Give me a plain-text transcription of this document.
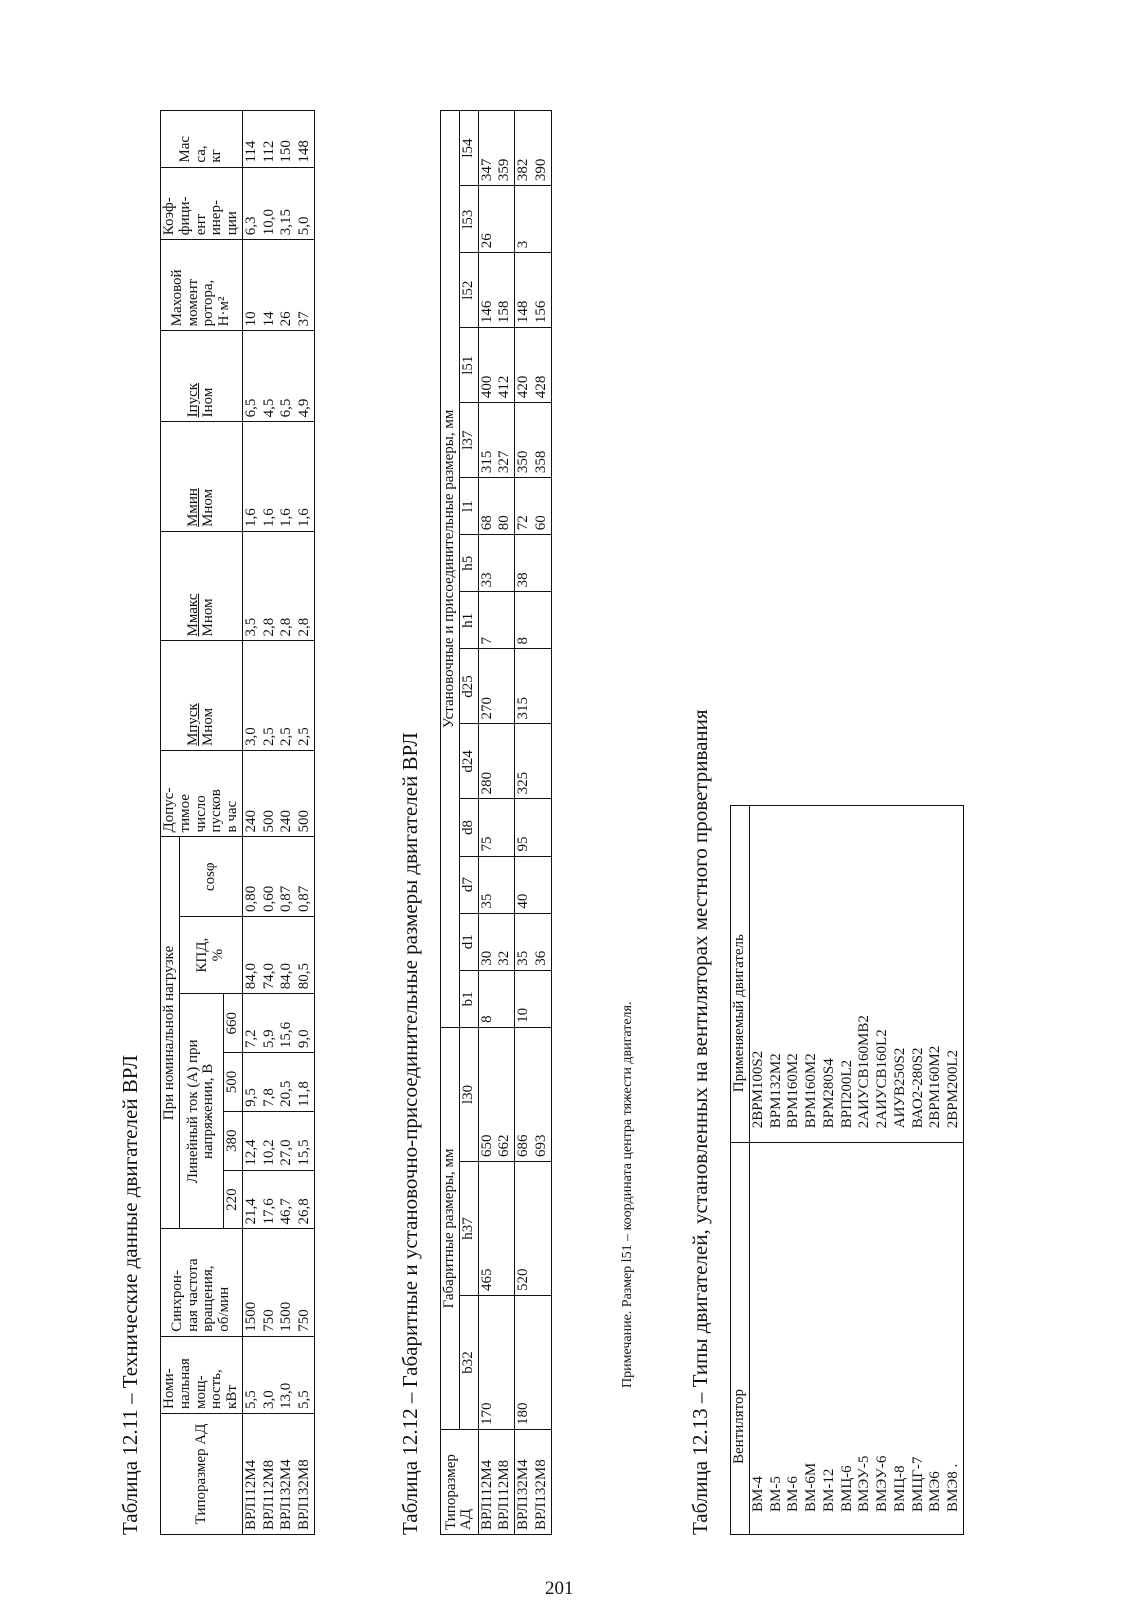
Таблица 12.11 – Технические данные двигателей ВРЛ	Типоразмер АД	Номи- нальная мощ- ность, кВт	Синхрон- ная частота вращения, об/мин	При номинальной нагрузке						Допус- тимое число пусков в час	Мпуск Мном	Ммакс Мном	Ммин Мном	Iпуск Iном	Маховой момент ротора, Н·м²	Коэф- фици- ент инер- ции	Мас са, кг

			Линейный ток (А) при напряжении, В				КПД, %	cosφ								
			220	380	500	660										
ВРЛ112М4	5,5	1500	21,4	12,4	9,5	7,2	84,0	0,80	240	3,0	3,5	1,6	6,5	10	6,3	114
ВРЛ112М8	3,0	750	17,6	10,2	7,8	5,9	74,0	0,60	500	2,5	2,8	1,6	4,5	14	10,0	112
ВРЛ132М4	13,0	1500	46,7	27,0	20,5	15,6	84,0	0,87	240	2,5	2,8	1,6	6,5	26	3,15	150
ВРЛ132М8	5,5	750	26,8	15,5	11,8	9,0	80,5	0,87	500	2,5	2,8	1,6	4,9	37	5,0	148
Таблица 12.12 – Габаритные и установочно-присоединительные размеры двигателей ВРЛ Типоразмер АД	Габаритные размеры, мм			Установочные и присоединительные размеры, мм													
	b32	h37	l30	b1	d1	d7	d8	d24	d25	h1	h5	l1	l37	l51	l52	l53	l54
ВРЛ112М4	170	465	650	8	30	35	75	280	270	7	33	68	315	400	146	26	347
ВРЛ112М8			662		32							80	327	412	158		359
ВРЛ132М4	180	520	686	10	35	40	95	325	315	8	38	72	350	420	148	3	382
ВРЛ132М8			693		36							60	358	428	156		390
Примечание. Размер l51 – координата центра тяжести двигателя.	Таблица 12.13 – Типы двигателей, установленных на вентиляторах местного проветривания Вентилятор	Применяемый двигатель
ВМ-4	2ВРМ100S2
ВМ-5	ВРМ132М2
ВМ-6	ВРМ160М2
ВМ-6М	ВРМ160М2
ВМ-12	ВРМ280S4
ВМЦ-6	ВРП200L2
ВМЭУ-5	2АИУСВ160МВ2
ВМЭУ-6	2АИУСВ160L2
ВМЦ-8	АИУВ250S2
ВМЦГ-7	ВАО2-280S2
ВМЭ6	2ВРМ160М2
ВМЭ8 .	2ВРМ200L2
201
